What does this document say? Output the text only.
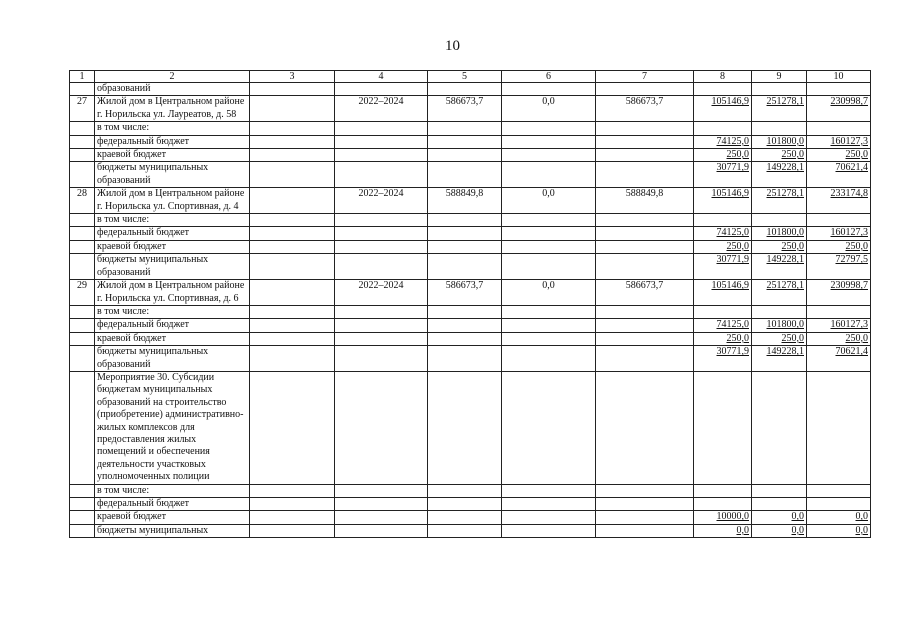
10
1	2	3	4	5	6	7	8	9	10
	образований								
27	Жилой дом в Центральном районе г. Норильска ул. Лауреатов, д. 58		2022–2024	586673,7	0,0	586673,7	105146,9	251278,1	230998,7
	в том числе:								
	федеральный бюджет						74125,0	101800,0	160127,3
	краевой бюджет						250,0	250,0	250,0
	бюджеты муниципальных образований						30771,9	149228,1	70621,4
28	Жилой дом в Центральном районе г. Норильска ул. Спортивная, д. 4		2022–2024	588849,8	0,0	588849,8	105146,9	251278,1	233174,8
	в том числе:								
	федеральный бюджет						74125,0	101800,0	160127,3
	краевой бюджет						250,0	250,0	250,0
	бюджеты муниципальных образований						30771,9	149228,1	72797,5
29	Жилой дом в Центральном районе г. Норильска ул. Спортивная, д. 6		2022–2024	586673,7	0,0	586673,7	105146,9	251278,1	230998,7
	в том числе:								
	федеральный бюджет						74125,0	101800,0	160127,3
	краевой бюджет						250,0	250,0	250,0
	бюджеты муниципальных образований						30771,9	149228,1	70621,4
	Мероприятие 30. Субсидии бюджетам муниципальных образований на строительство (приобретение) административно-жилых комплексов для предоставления жилых помещений и обеспечения деятельности участковых уполномоченных полиции								
	в том числе:								
	федеральный бюджет								
	краевой бюджет						10000,0	0,0	0,0
	бюджеты муниципальных						0,0	0,0	0,0
